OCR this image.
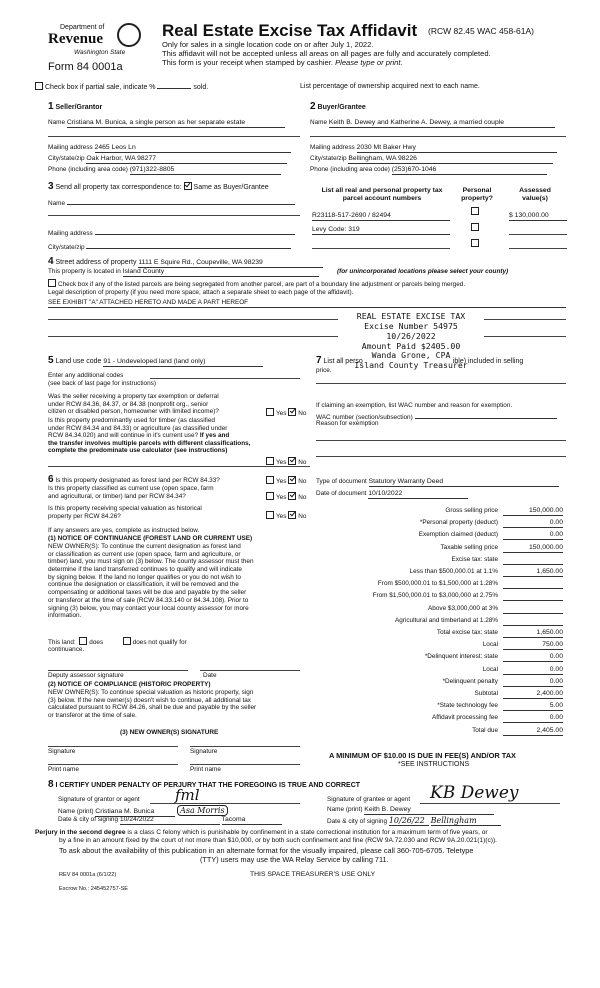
Department of
Revenue
Washington State
Form 84 0001a
Real Estate Excise Tax Affidavit (RCW 82.45 WAC 458-61A)
Only for sales in a single location code on or after July 1, 2022.
This affidavit will not be accepted unless all areas on all pages are fully and accurately completed.
This form is your receipt when stamped by cashier. Please type or print.
Check box if partial sale, indicate %	sold.	List percentage of ownership acquired next to each name.
1 Seller/Grantor
Name Cristiana M. Bunica, a single person as her separate estate
Mailing address 2465 Leos Ln
City/state/zip Oak Harbor, WA 98277
Phone (including area code) (971)322-8805
2 Buyer/Grantee
Name Keith B. Dewey and Katherine A. Dewey, a married couple
Mailing address 2030 Mt Baker Hwy
City/state/zip Bellingham, WA 98226
Phone (including area code) (253)670-1046
3 Send all property tax correspondence to: Same as Buyer/Grantee
Name
Mailing address
City/state/zip
List all real and personal property tax
parcel account numbers
Personal
property?
Assessed
value(s)
R23118-517-2690 / 82494	$ 130,000.00
Levy Code: 319
4 Street address of property 1111 E Squire Rd., Coupeville, WA 98239
This property is located in Island County	(for unincorporated locations please select your county)
Check box if any of the listed parcels are being segregated from another parcel, are part of a boundary line adjustment or parcels being merged.
Legal description of property (if you need more space, attach a separate sheet to each page of the affidavit).
SEE EXHIBIT "A" ATTACHED HERETO AND MADE A PART HEREOF
REAL ESTATE EXCISE TAX
Excise Number 54975
10/26/2022
Amount Paid $2405.00
Wanda Grone, CPA
Island County Treasurer
5 Land use code 91 - Undeveloped land (land only)
Enter any additional codes
(see back of last page for instructions)
Was the seller receiving a property tax exemption or deferral
under RCW 84.36, 84.37, or 84.38 (nonprofit org., senior
citizen or disabled person, homeowner with limited income)?	Yes No
Is this property predominantly used for timber (as classified
under RCW 84.34 and 84.33) or agriculture (as classified under
RCW 84.34.020) and will continue in it's current use? If yes and
the transfer involves multiple parcels with different classifications,
complete the predominate use calculator (see instructions)
Yes No
7 List all perso	ible) included in selling
price.
If claiming an exemption, list WAC number and reason for exemption.
WAC number (section/subsection)
Reason for exemption
6 Is this property designated as forest land per RCW 84.33?	Yes No
Is this property classified as current use (open space, farm
and agricultural, or timber) land per RCW 84.34?	Yes No
Is this property receiving special valuation as historical
property per RCW 84.26?	Yes No
If any answers are yes, complete as instructed below.
(1) NOTICE OF CONTINUANCE (FOREST LAND OR CURRENT USE)
NEW OWNER(S): To continue the current designation as forest land
or classification as current use (open space, farm and agriculture, or
timber) land, you must sign on (3) below. The county assessor must then
determine if the land transferred continues to qualify and will indicate
by signing below. If the land no longer qualifies or you do not wish to
continue the designation or classification, it will be removed and the
compensating or additional taxes will be due and payable by the seller
or transferor at the time of sale (RCW 84.33.140 or 84.34.108). Prior to
signing (3) below, you may contact your local county assessor for more
information.
This land: does	does not qualify for
continuance.
Deputy assessor signature	Date
(2) NOTICE OF COMPLIANCE (HISTORIC PROPERTY)
NEW OWNER(S): To continue special valuation as historic property, sign
(3) below. If the new owner(s) doesn't wish to continue, all additional tax
calculated pursuant to RCW 84.26, shall be due and payable by the seller
or transferor at the time of sale.
(3) NEW OWNER(S) SIGNATURE
Signature	Signature
Print name	Print name
Type of document Statutory Warranty Deed
Date of document 10/10/2022
Gross selling price	150,000.00
*Personal property (deduct)	0.00
Exemption claimed (deduct)	0.00
Taxable selling price	150,000.00
Excise tax: state
Less than $500,000.01 at 1.1%	1,650.00
From $500,000.01 to $1,500,000 at 1.28%
From $1,500,000.01 to $3,000,000 at 2.75%
Above $3,000,000 at 3%
Agricultural and timberland at 1.28%
Total excise tax: state	1,650.00
Local	750.00
*Delinquent interest: state	0.00
Local	0.00
*Delinquent penalty	0.00
Subtotal	2,400.00
*State technology fee	5.00
Affidavit processing fee	0.00
Total due	2,405.00
A MINIMUM OF $10.00 IS DUE IN FEE(S) AND/OR TAX
*SEE INSTRUCTIONS
8 I CERTIFY UNDER PENALTY OF PERJURY THAT THE FOREGOING IS TRUE AND CORRECT
Signature of grantor or agent fml
Name (print) Cristiana M. Bunica	Asa Morris
Date & city of signing 10/24/2022	Tacoma
Signature of grantee or agent KB Dewey
Name (print) Keith B. Dewey
Date & city of signing 10/26/22 Bellingham
Perjury in the second degree is a class C felony which is punishable by confinement in a state correctional institution for a maximum term of five years, or
by a fine in an amount fixed by the court of not more than $10,000, or by both such confinement and fine (RCW 9A.72.030 and RCW 9A.20.021(1)(c)).
To ask about the availability of this publication in an alternate format for the visually impaired, please call 360-705-6705. Teletype
(TTY) users may use the WA Relay Service by calling 711.
REV 84 0001a (6/1/22)	THIS SPACE TREASURER'S USE ONLY
Escrow No.: 245452757-SE
